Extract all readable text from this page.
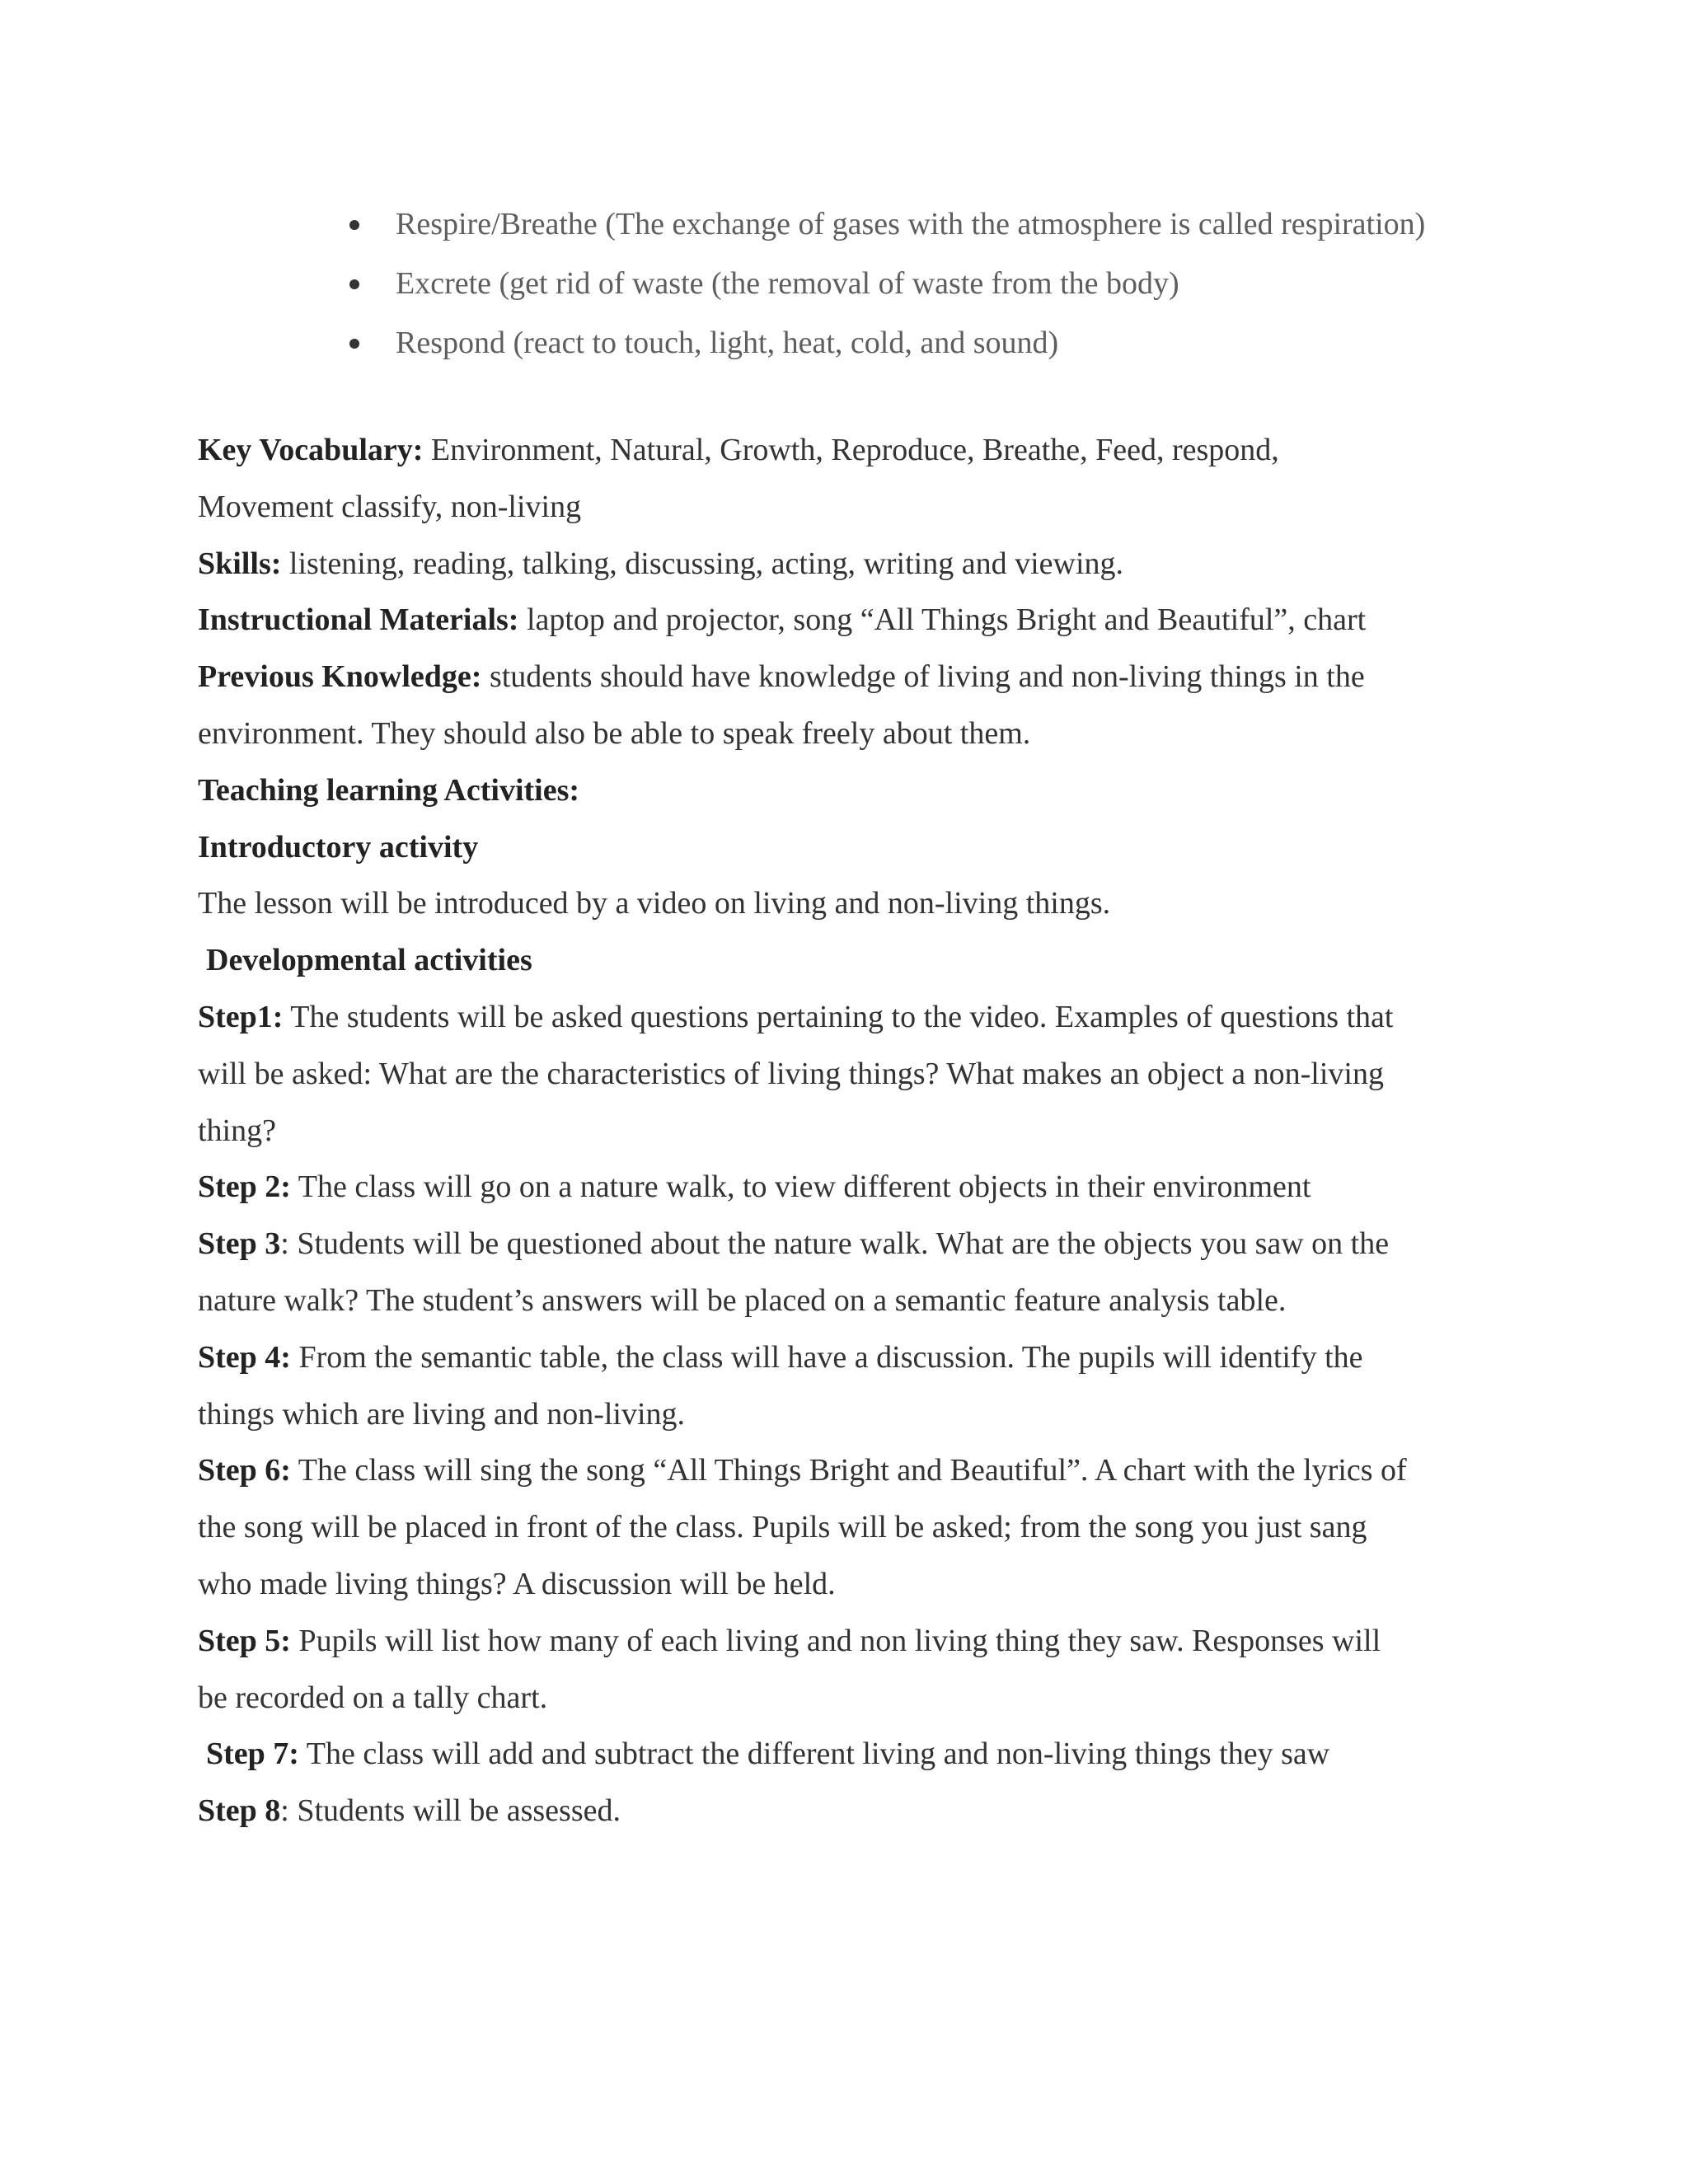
Respire/Breathe (The exchange of gases with the atmosphere is called respiration)
Excrete (get rid of waste (the removal of waste from the body)
Respond (react to touch, light, heat, cold, and sound)
Key Vocabulary: Environment, Natural, Growth, Reproduce, Breathe, Feed, respond,
Movement classify, non-living
Skills: listening, reading, talking, discussing, acting, writing and viewing.
Instructional Materials: laptop and projector, song “All Things Bright and Beautiful”, chart
Previous Knowledge: students should have knowledge of living and non-living things in the
environment. They should also be able to speak freely about them.
Teaching learning Activities:
Introductory activity
The lesson will be introduced by a video on living and non-living things.
Developmental activities
Step1: The students will be asked questions pertaining to the video. Examples of questions that
will be asked: What are the characteristics of living things? What makes an object a non-living
thing?
Step 2: The class will go on a nature walk, to view different objects in their environment
Step 3: Students will be questioned about the nature walk. What are the objects you saw on the
nature walk? The student’s answers will be placed on a semantic feature analysis table.
Step 4: From the semantic table, the class will have a discussion. The pupils will identify the
things which are living and non-living.
Step 6: The class will sing the song “All Things Bright and Beautiful”. A chart with the lyrics of
the song will be placed in front of the class. Pupils will be asked; from the song you just sang
who made living things? A discussion will be held.
Step 5: Pupils will list how many of each living and non living thing they saw. Responses will
be recorded on a tally chart.
Step 7: The class will add and subtract the different living and non-living things they saw
Step 8: Students will be assessed.
